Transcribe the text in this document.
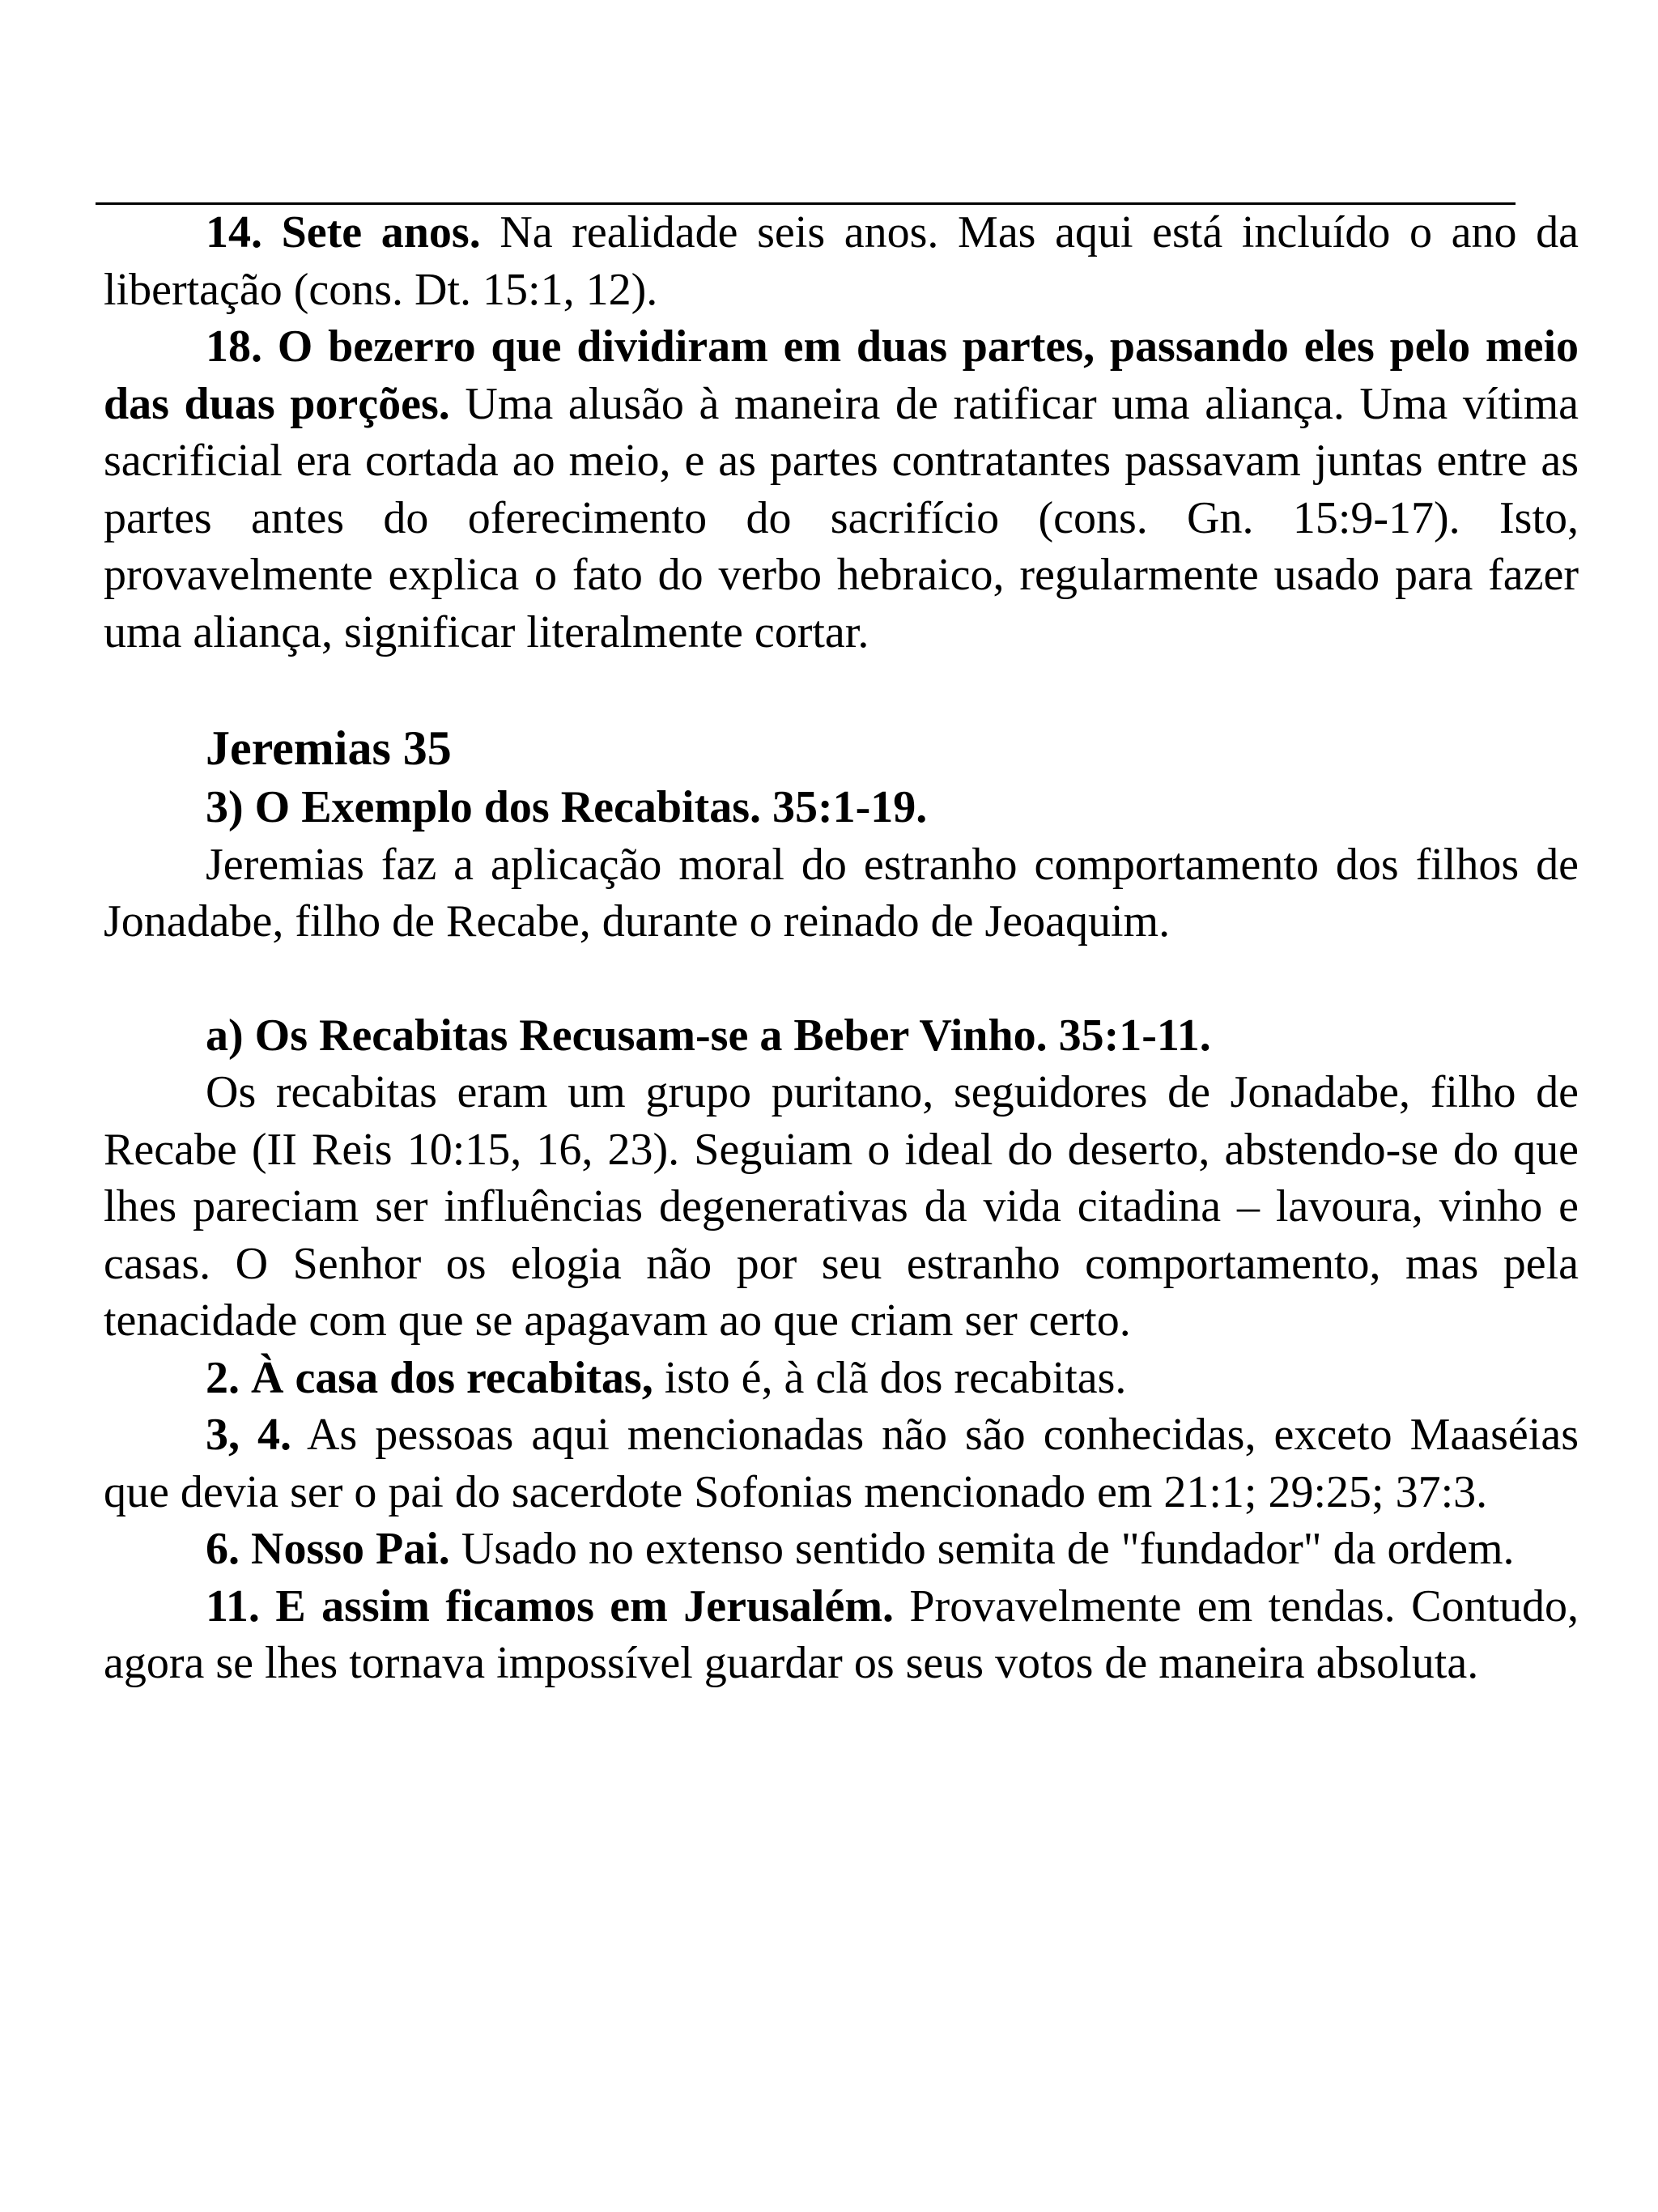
14. Sete anos. Na realidade seis anos. Mas aqui está incluído o ano da libertação (cons. Dt. 15:1, 12).

18. O bezerro que dividiram em duas partes, passando eles pelo meio das duas porções. Uma alusão à maneira de ratificar uma aliança. Uma vítima sacrificial era cortada ao meio, e as partes contratantes passavam juntas entre as partes antes do oferecimento do sacrifício (cons. Gn. 15:9-17). Isto, provavelmente explica o fato do verbo hebraico, regularmente usado para fazer uma aliança, significar literalmente cortar.

Jeremias 35

3) O Exemplo dos Recabitas. 35:1-19.

Jeremias faz a aplicação moral do estranho comportamento dos filhos de Jonadabe, filho de Recabe, durante o reinado de Jeoaquim.

a) Os Recabitas Recusam-se a Beber Vinho. 35:1-11.

Os recabitas eram um grupo puritano, seguidores de Jonadabe, filho de Recabe (II Reis 10:15, 16, 23). Seguiam o ideal do deserto, abstendo-se do que lhes pareciam ser influências degenerativas da vida citadina – lavoura, vinho e casas. O Senhor os elogia não por seu estranho comportamento, mas pela tenacidade com que se apagavam ao que criam ser certo.

2. À casa dos recabitas, isto é, à clã dos recabitas.

3, 4. As pessoas aqui mencionadas não são conhecidas, exceto Maaséias que devia ser o pai do sacerdote Sofonias mencionado em 21:1; 29:25; 37:3.

6. Nosso Pai. Usado no extenso sentido semita de "fundador" da ordem.

11. E assim ficamos em Jerusalém. Provavelmente em tendas. Contudo, agora se lhes tornava impossível guardar os seus votos de maneira absoluta.
